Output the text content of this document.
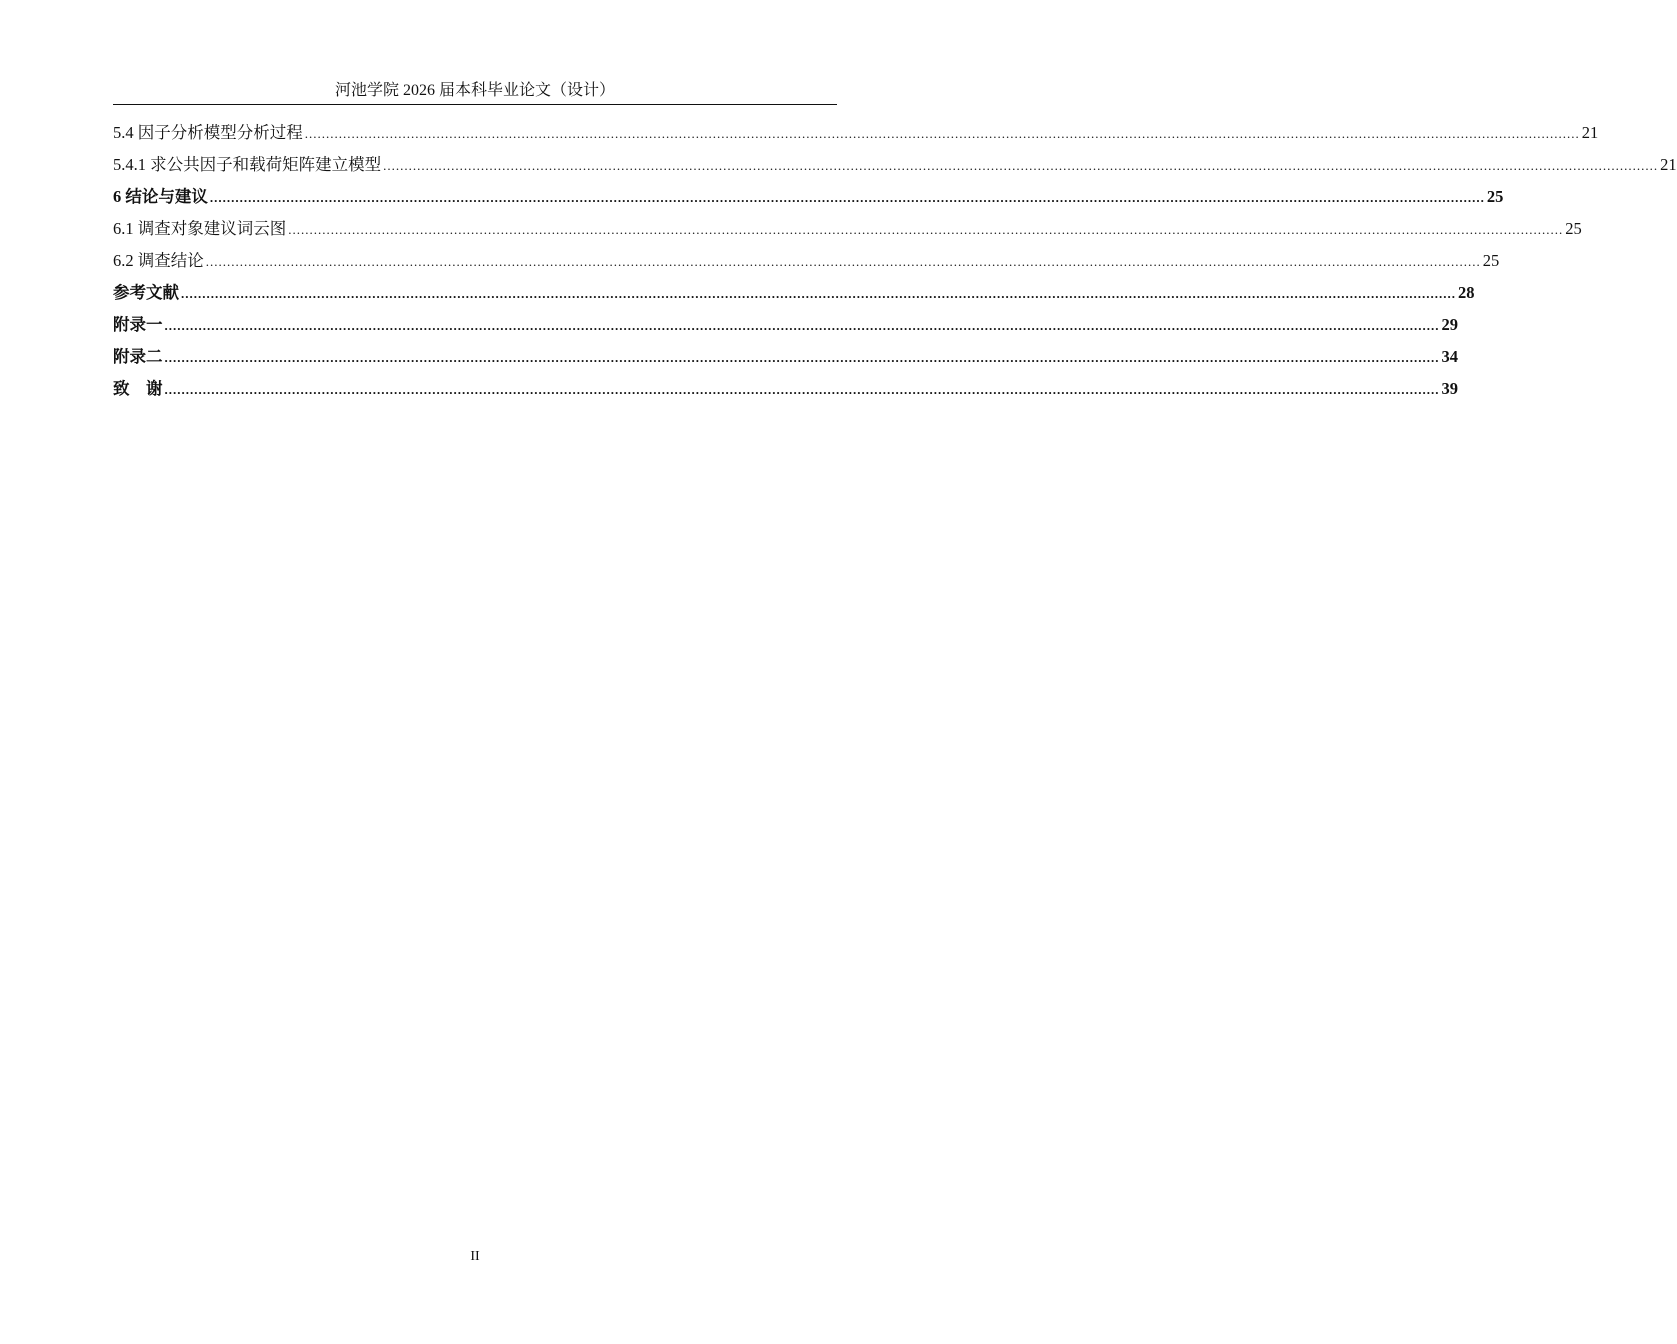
河池学院 2026 届本科毕业论文（设计）
5.4 因子分析模型分析过程 ............................................................................................................................................................................................................................................................................................................ 21
5.4.1 求公共因子和载荷矩阵建立模型 ............................................................................................................................................................................................................................................................................................................ 21
6 结论与建议 ............................................................................................................................................................................................................................................................................................................ 25
6.1 调查对象建议词云图 ............................................................................................................................................................................................................................................................................................................ 25
6.2 调查结论 ............................................................................................................................................................................................................................................................................................................ 25
参考文献 ............................................................................................................................................................................................................................................................................................................ 28
附录一 ............................................................................................................................................................................................................................................................................................................ 29
附录二 ............................................................................................................................................................................................................................................................................................................ 34
致　谢 ............................................................................................................................................................................................................................................................................................................ 39
II
